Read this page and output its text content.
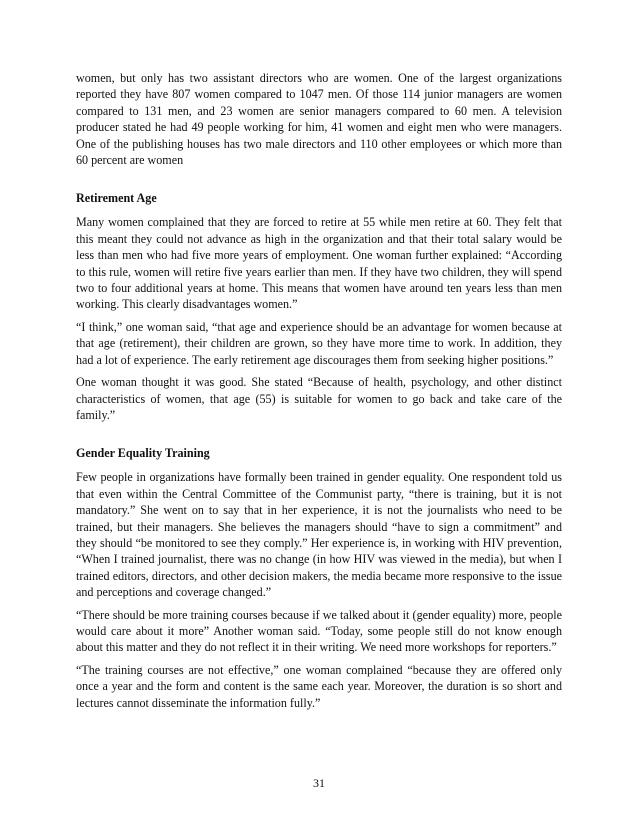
women, but only has two assistant directors who are women. One of the largest organizations reported they have 807 women compared to 1047 men. Of those 114 junior managers are women compared to 131 men, and 23 women are senior managers compared to 60 men. A television producer stated he had 49 people working for him, 41 women and eight men who were managers. One of the publishing houses has two male directors and 110 other employees or which more than 60 percent are women

Retirement Age

Many women complained that they are forced to retire at 55 while men retire at 60. They felt that this meant they could not advance as high in the organization and that their total salary would be less than men who had five more years of employment. One woman further explained: “According to this rule, women will retire five years earlier than men. If they have two children, they will spend two to four additional years at home. This means that women have around ten years less than men working. This clearly disadvantages women.”

“I think,” one woman said, “that age and experience should be an advantage for women because at that age (retirement), their children are grown, so they have more time to work. In addition, they had a lot of experience. The early retirement age discourages them from seeking higher positions.”

One woman thought it was good. She stated “Because of health, psychology, and other distinct characteristics of women, that age (55) is suitable for women to go back and take care of the family.”

Gender Equality Training

Few people in organizations have formally been trained in gender equality. One respondent told us that even within the Central Committee of the Communist party, “there is training, but it is not mandatory.” She went on to say that in her experience, it is not the journalists who need to be trained, but their managers. She believes the managers should “have to sign a commitment” and they should “be monitored to see they comply.” Her experience is, in working with HIV prevention, “When I trained journalist, there was no change (in how HIV was viewed in the media), but when I trained editors, directors, and other decision makers, the media became more responsive to the issue and perceptions and coverage changed.”

“There should be more training courses because if we talked about it (gender equality) more, people would care about it more” Another woman said. “Today, some people still do not know enough about this matter and they do not reflect it in their writing. We need more workshops for reporters.”

“The training courses are not effective,” one woman complained “because they are offered only once a year and the form and content is the same each year. Moreover, the duration is so short and lectures cannot disseminate the information fully.”

31
